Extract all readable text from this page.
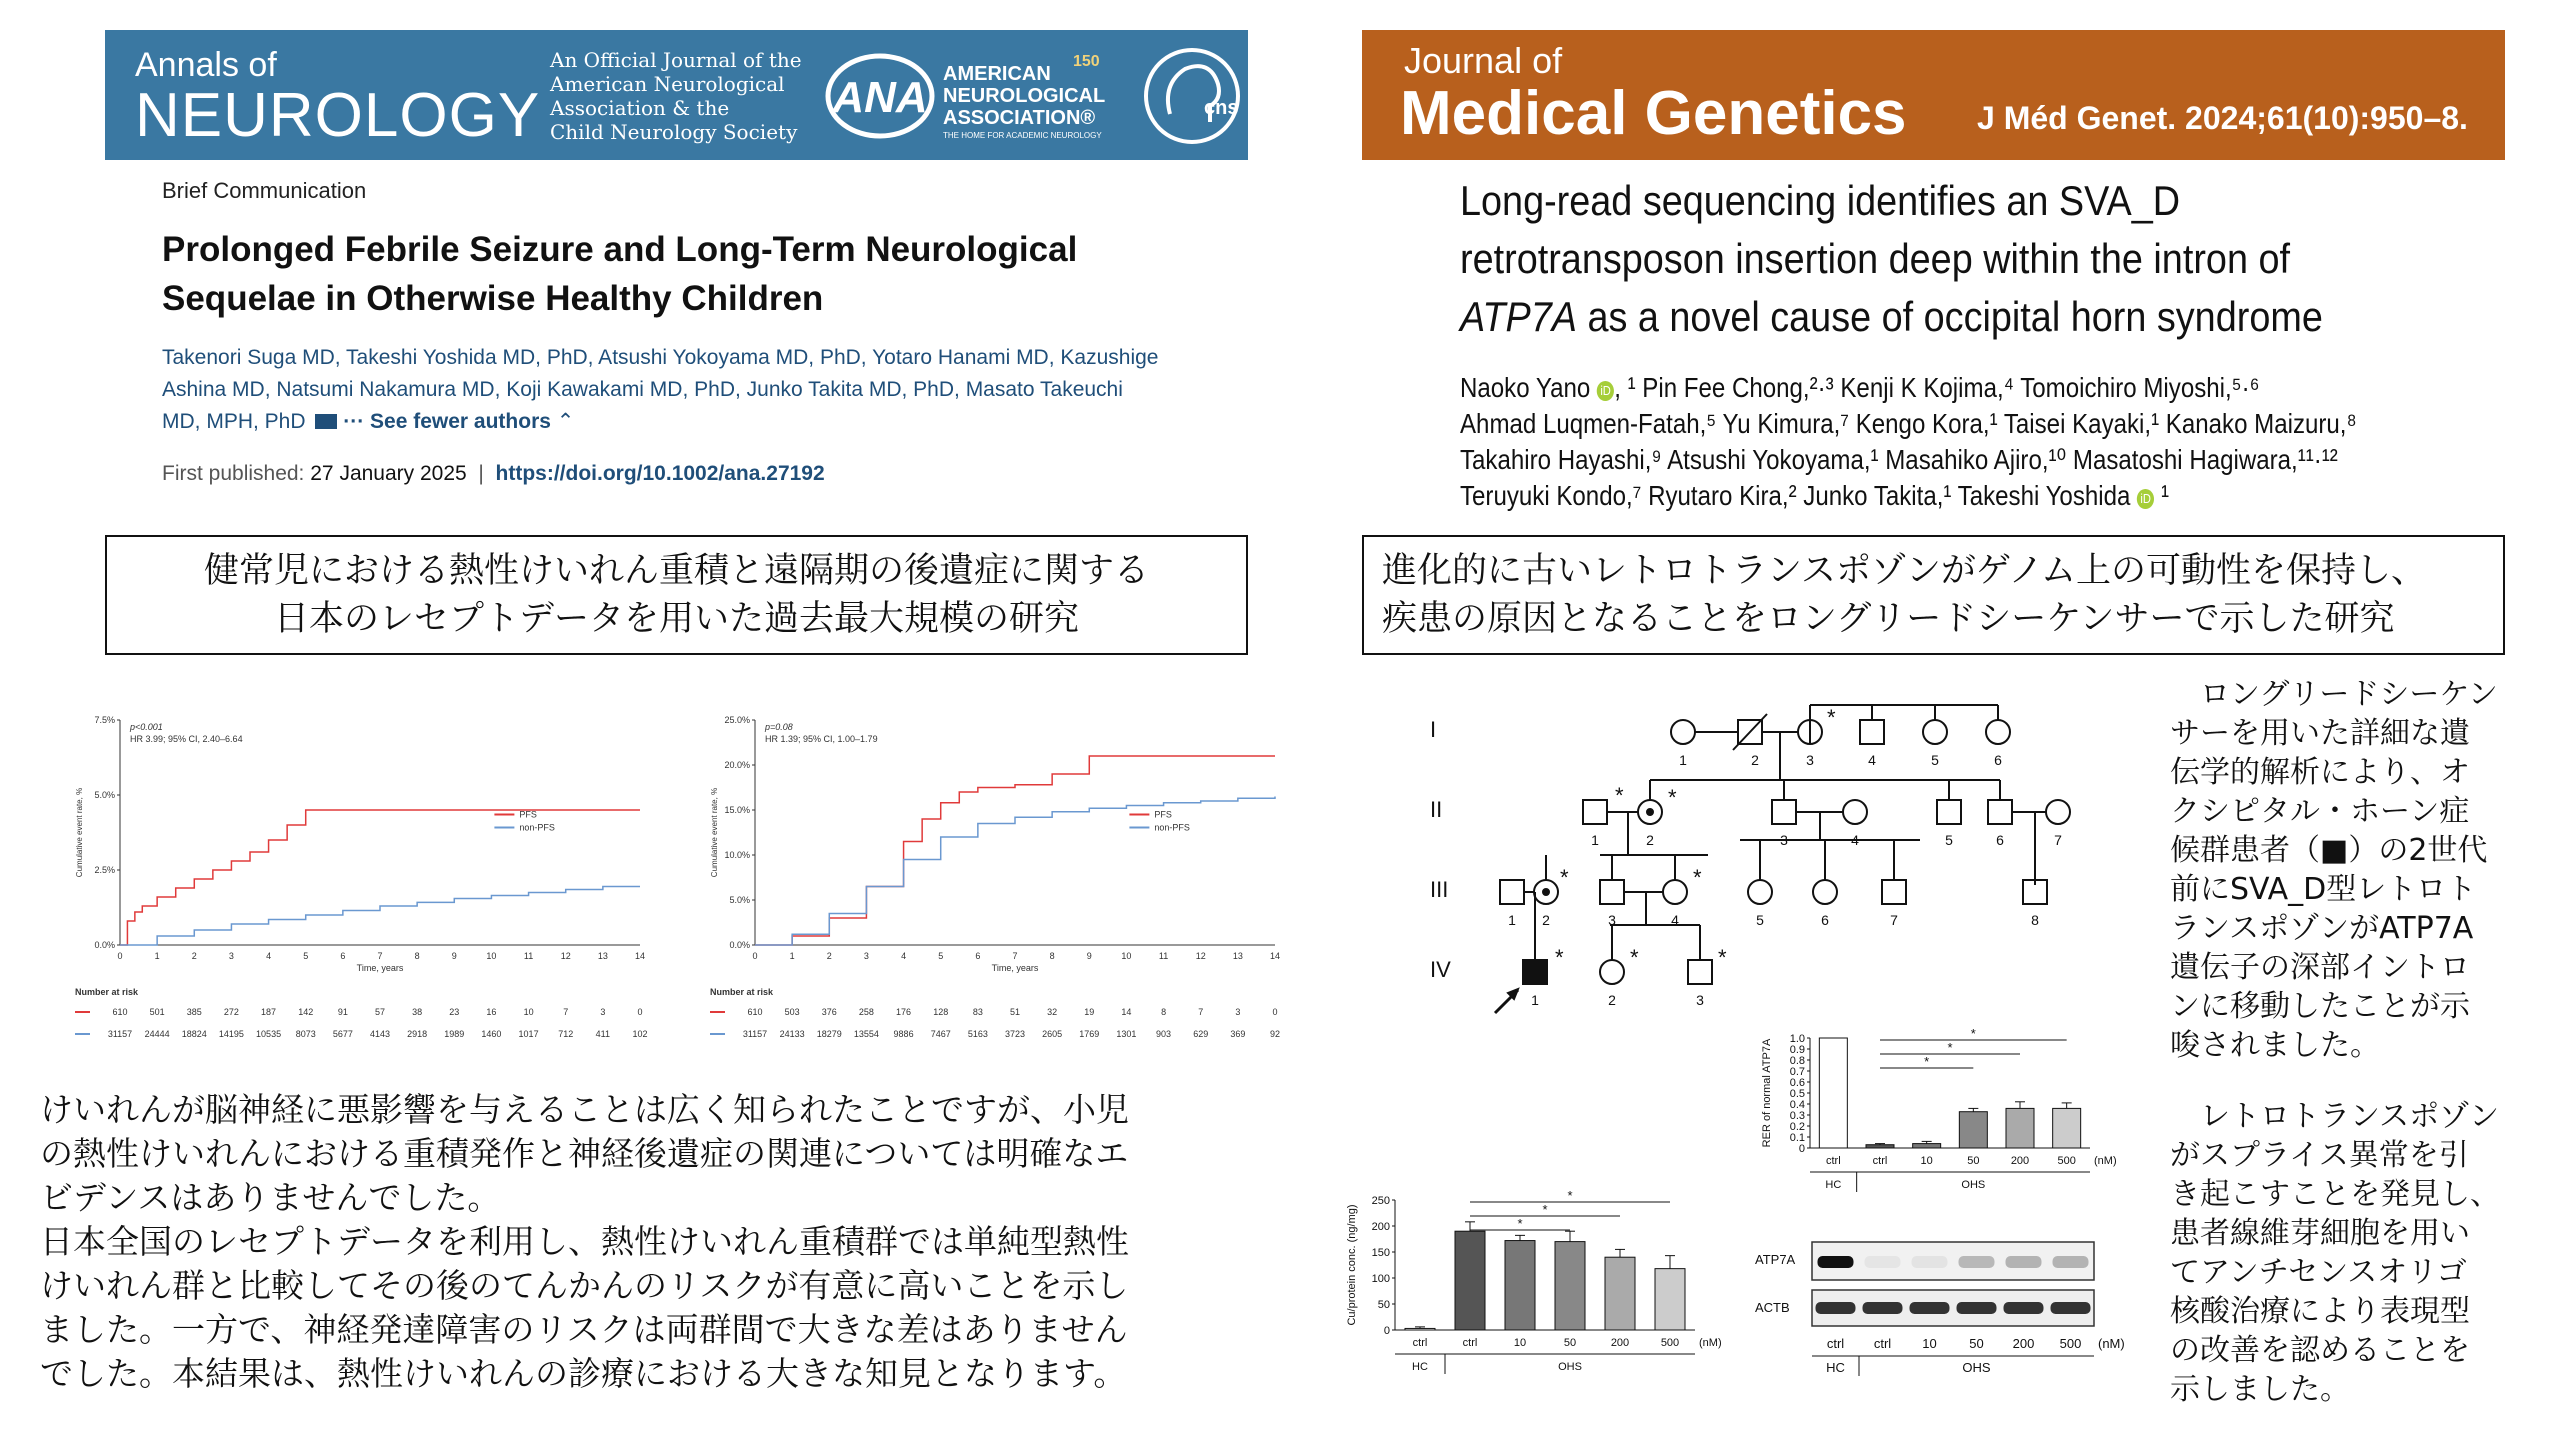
Annals of
NEUROLOGY
An Official Journal of the
American Neurological
Association & the
Child Neurology Society
ANA AMERICAN
NEUROLOGICAL
ASSOCIATION®
THE HOME FOR ACADEMIC NEUROLOGY
150
cns
Journal of
Medical Genetics J Méd Genet. 2024;61(10):950–8.
Brief Communication
Prolonged Febrile Seizure and Long-Term Neurological Sequelae in Otherwise Healthy Children
Takenori Suga MD, Takeshi Yoshida MD, PhD, Atsushi Yokoyama MD, PhD, Yotaro Hanami MD, Kazushige Ashina MD, Natsumi Nakamura MD, Koji Kawakami MD, PhD, Junko Takita MD, PhD, Masato Takeuchi MD, MPH, PhD ··· See fewer authors ⌃
First published: 27 January 2025 | https://doi.org/10.1002/ana.27192
Long-read sequencing identifies an SVA_D
retrotransposon insertion deep within the intron of
ATP7A as a novel cause of occipital horn syndrome
Naoko Yano iD , ¹ Pin Fee Chong,²·³ Kenji K Kojima,⁴ Tomoichiro Miyoshi,⁵·⁶
Ahmad Luqmen-Fatah,⁵ Yu Kimura,⁷ Kengo Kora,¹ Taisei Kayaki,¹ Kanako Maizuru,⁸
Takahiro Hayashi,⁹ Atsushi Yokoyama,¹ Masahiko Ajiro,¹⁰ Masatoshi Hagiwara,¹¹·¹²
Teruyuki Kondo,⁷ Ryutaro Kira,² Junko Takita,¹ Takeshi Yoshida iD ¹
健常児における熱性けいれん重積と遠隔期の後遺症に関する
日本のレセプトデータを用いた過去最大規模の研究
進化的に古いレトロトランスポゾンがゲノム上の可動性を保持し、
疾患の原因となることをロングリードシーケンサーで示した研究
0.0%
2.5%
5.0%
7.5%
0	1	2	3	4	5	6	7	8	9	10	11	12	13	14
Time, years
Cumulative event rate, %
p<0.001
HR 3.99; 95% CI, 2.40–6.64
PFS
non-PFS
Number at risk
610 501 385 272 187 142	91	57	38	23	16	10	7	3	0
31157 24444 18824 14195 10535 8073 5677 4143 2918 1989 1460 1017 712 411 102
0.0%
5.0%
10.0%
15.0%
20.0%
25.0%
0	1	2	3	4	5	6	7	8	9	10	11	12	13	14
Time, years
Cumulative event rate, %
p=0.08
HR 1.39; 95% CI, 1.00–1.79
PFS
non-PFS
Number at risk
610 503 376 258 176 128	83	51	32	19	14	8	7	3	0
31157 24133 18279 13554 9886 7467 5163 3723 2605 1769 1301 903 629 369	92

けいれんが脳神経に悪影響を与えることは広く知られたことですが、小児

の熱性けいれんにおける重積発作と神経後遺症の関連については明確なエ

ビデンスはありませんでした。

日本全国のレセプトデータを利用し、熱性けいれん重積群では単純型熱性

けいれん群と比較してその後のてんかんのリスクが有意に高いことを示し

ました。一方で、神経発達障害のリスクは両群間で大きな差はありません

でした。本結果は、熱性けいれんの診療における大きな知見となります。

I
II
III
IV
1	2	3	4	5	6
1	2	3	4	5	6	7
1 2	3	4	5	6	7	8
1	2	3
*
* *
*	*
*	*	*
0
50
100
150
200
250
Cu/protein conc. (ng/mg)
ctrl	ctrl	10	50	200	500 (nM)
HC	OHS
*
*
*
0
0.1
0.2
0.3
0.4
0.5
0.6
0.7
0.8
0.9
1.0
RER of normal ATP7A
ctrl	ctrl	10	50	200	500 (nM)
HC	OHS
*
*
*
ATP7A
ACTB
ctrl ctrl 10	50 200 500 (nM)
HC	OHS
ロングリードシーケン
サーを用いた詳細な遺
伝学的解析により、オ
クシピタル・ホーン症
候群患者（■）の2世代
前にSVA_D型レトロト
ランスポゾンがATP7A
遺伝子の深部イントロ
ンに移動したことが示
唆されました。
レトロトランスポゾン
がスプライス異常を引
き起こすことを発見し、
患者線維芽細胞を用い
てアンチセンスオリゴ
核酸治療により表現型
の改善を認めることを
示しました。
